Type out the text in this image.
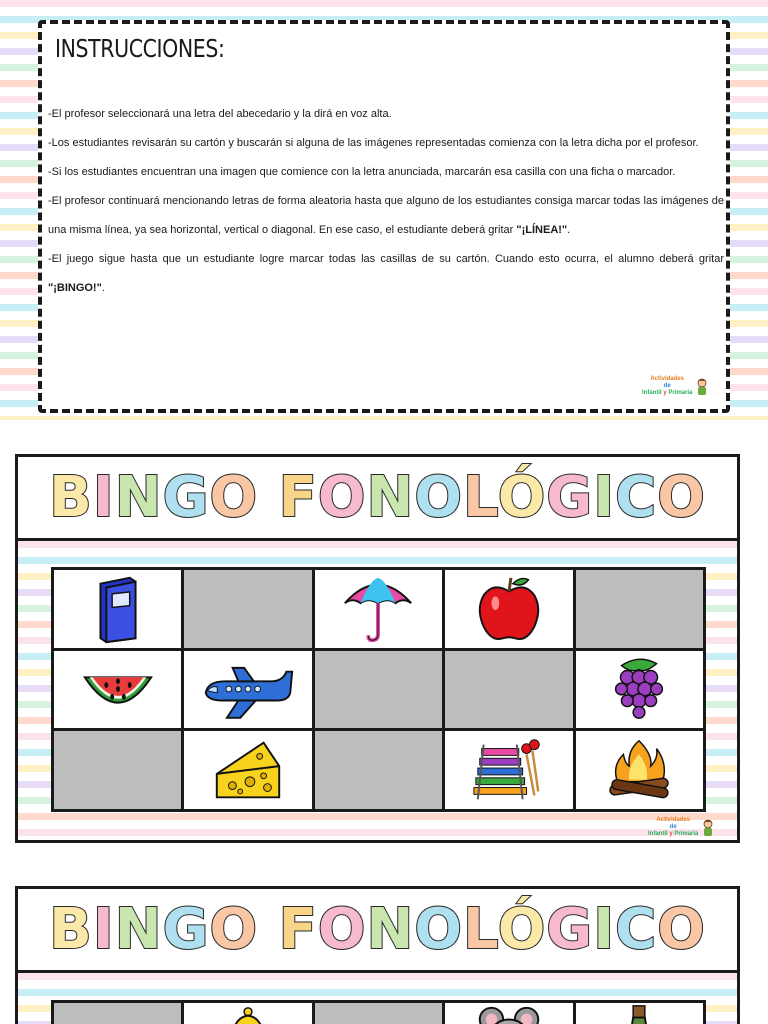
INSTRUCCIONES:

-El profesor seleccionará una letra del abecedario y la dirá en voz alta.

-Los estudiantes revisarán su cartón y buscarán si alguna de las imágenes representadas comienza con la letra dicha por el profesor.

-Si los estudiantes encuentran una imagen que comience con la letra anunciada, marcarán esa casilla con una ficha o marcador.

-El profesor continuará mencionando letras de forma aleatoria hasta que alguno de los estudiantes consiga marcar todas las imágenes de una misma línea, ya sea horizontal, vertical o diagonal. En ese caso, el estudiante deberá gritar "¡LÍNEA!".

-El juego sigue hasta que un estudiante logre marcar todas las casillas de su cartón. Cuando esto ocurra, el alumno deberá gritar "¡BINGO!".

Actividades
de
Infantil y Primaria
BINGO FONOLÓGICO
Actividades
de
Infantil y Primaria
BINGO FONOLÓGICO
